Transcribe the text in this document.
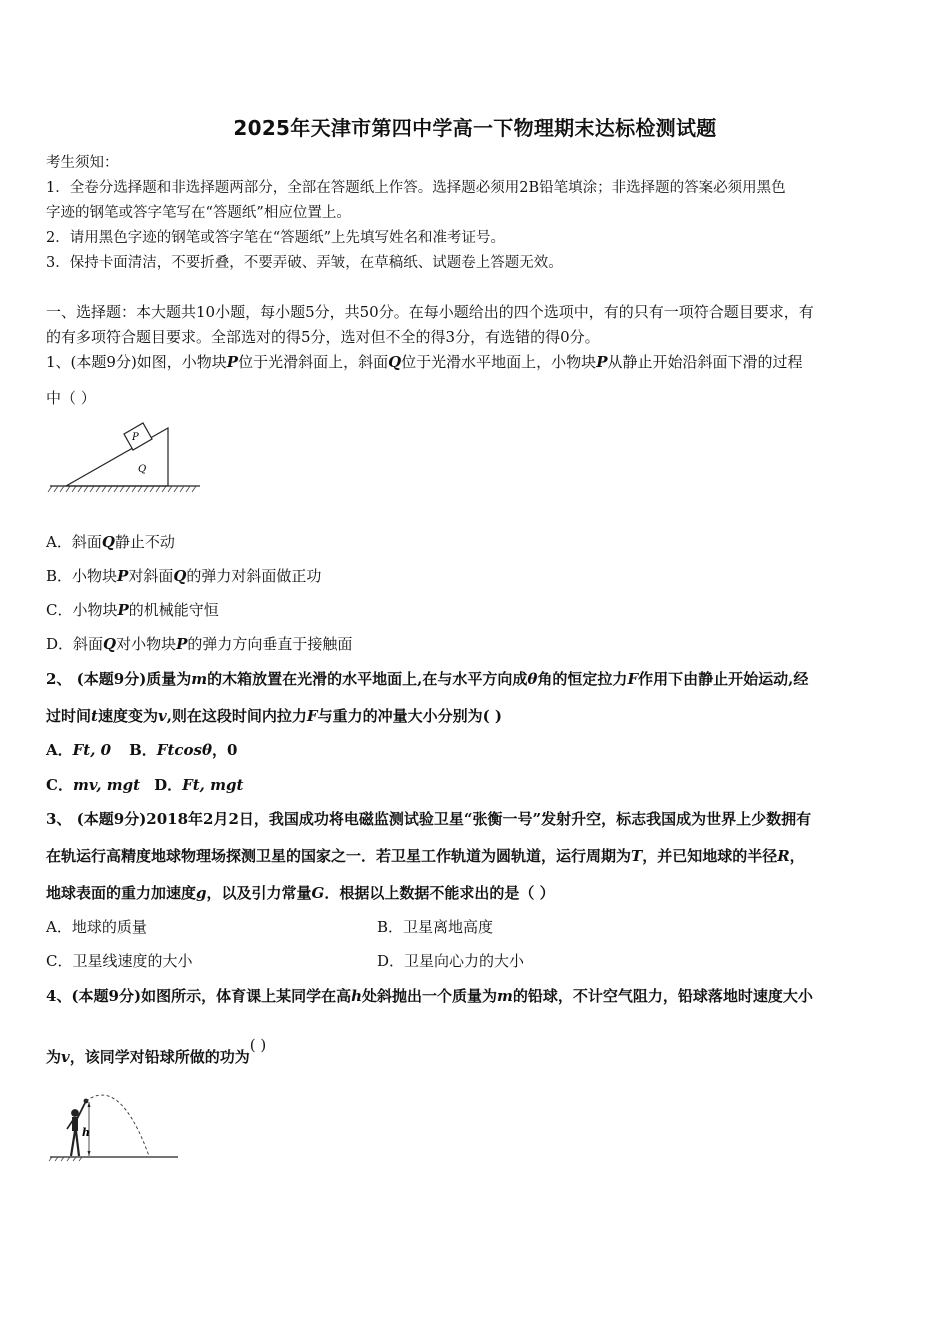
2025年天津市第四中学高一下物理期末达标检测试题
考生须知：
1．全卷分选择题和非选择题两部分，全部在答题纸上作答。选择题必须用2B铅笔填涂；非选择题的答案必须用黑色
字迹的钢笔或答字笔写在“答题纸”相应位置上。
2．请用黑色字迹的钢笔或答字笔在“答题纸”上先填写姓名和准考证号。
3．保持卡面清洁，不要折叠，不要弄破、弄皱，在草稿纸、试题卷上答题无效。
一、选择题：本大题共10小题，每小题5分，共50分。在每小题给出的四个选项中，有的只有一项符合题目要求，有
的有多项符合题目要求。全部选对的得5分，选对但不全的得3分，有选错的得0分。
1、(本题9分)如图，小物块P位于光滑斜面上，斜面Q位于光滑水平地面上，小物块P从静止开始沿斜面下滑的过程
中（ ）
P
Q
A．斜面Q静止不动
B．小物块P对斜面Q的弹力对斜面做正功
C．小物块P的机械能守恒
D．斜面Q对小物块P的弹力方向垂直于接触面
2、 (本题9分)质量为m的木箱放置在光滑的水平地面上,在与水平方向成θ角的恒定拉力F作用下由静止开始运动,经
过时间t速度变为v,则在这段时间内拉力F与重力的冲量大小分别为( )
A．Ft, 0 B．Ftcosθ，0
C．mv, mgt D．Ft, mgt
3、 (本题9分)2018年2月2日，我国成功将电磁监测试验卫星“张衡一号”发射升空，标志我国成为世界上少数拥有
在轨运行高精度地球物理场探测卫星的国家之一．若卫星工作轨道为圆轨道，运行周期为T，并已知地球的半径R，
地球表面的重力加速度g，以及引力常量G．根据以上数据不能求出的是（ ）
A．地球的质量	B．卫星离地高度
C．卫星线速度的大小	D．卫星向心力的大小
4、(本题9分)如图所示，体育课上某同学在高h处斜抛出一个质量为m的铅球，不计空气阻力，铅球落地时速度大小
为v，该同学对铅球所做的功为( )
h
